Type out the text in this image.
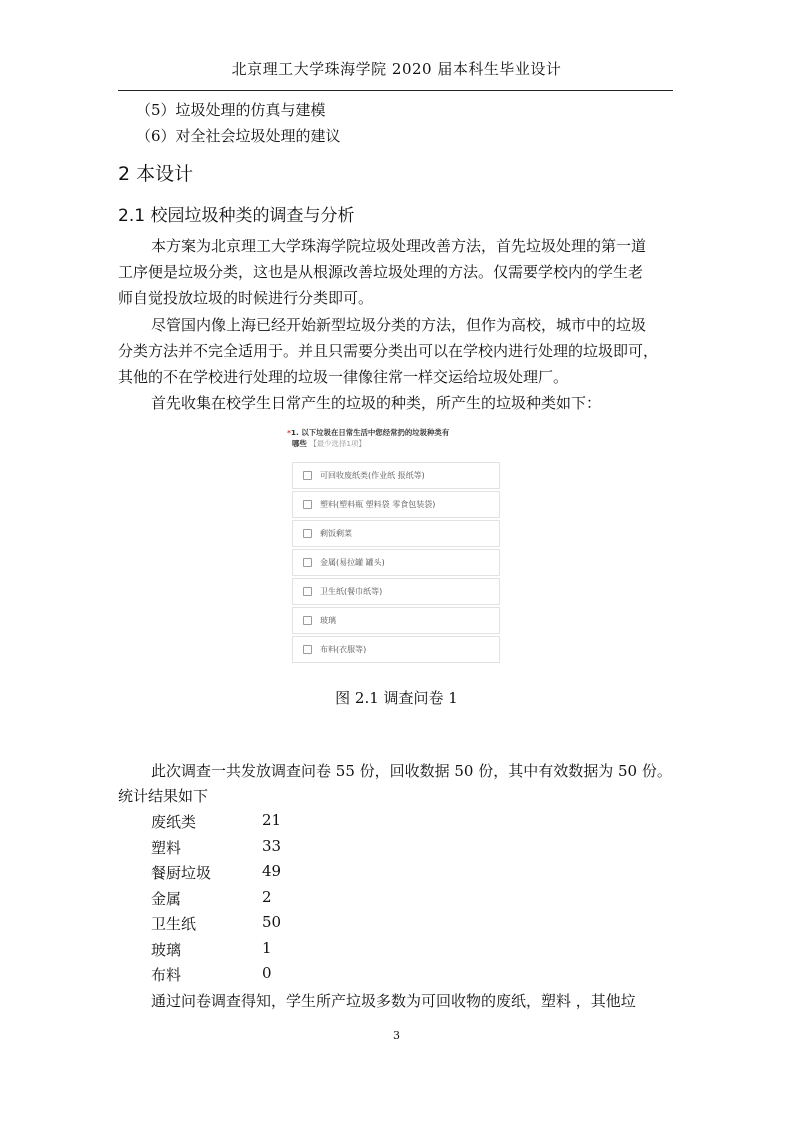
北京理工大学珠海学院 2020 届本科生毕业设计
（5）垃圾处理的仿真与建模
（6）对全社会垃圾处理的建议
2 本设计
2.1 校园垃圾种类的调查与分析
本方案为北京理工大学珠海学院垃圾处理改善方法，首先垃圾处理的第一道
工序便是垃圾分类，这也是从根源改善垃圾处理的方法。仅需要学校内的学生老
师自觉投放垃圾的时候进行分类即可。
尽管国内像上海已经开始新型垃圾分类的方法，但作为高校，城市中的垃圾
分类方法并不完全适用于。并且只需要分类出可以在学校内进行处理的垃圾即可，
其他的不在学校进行处理的垃圾一律像往常一样交运给垃圾处理厂。
首先收集在校学生日常产生的垃圾的种类，所产生的垃圾种类如下：
*1. 以下垃圾在日常生活中您经常扔的垃圾种类有
哪些 【最少选择1项】
可回收废纸类(作业纸 报纸等)
塑料(塑料瓶 塑料袋 零食包装袋)
剩饭剩菜
金属(易拉罐 罐头)
卫生纸(餐巾纸等)
玻璃
布料(衣服等)
图 2.1 调查问卷 1
此次调查一共发放调查问卷 55 份，回收数据 50 份，其中有效数据为 50 份。
统计结果如下
废纸类	21
塑料	33
餐厨垃圾	49
金属	2
卫生纸	50
玻璃	1
布料	0
通过问卷调查得知，学生所产垃圾多数为可回收物的废纸，塑料 ，其他垃
3
